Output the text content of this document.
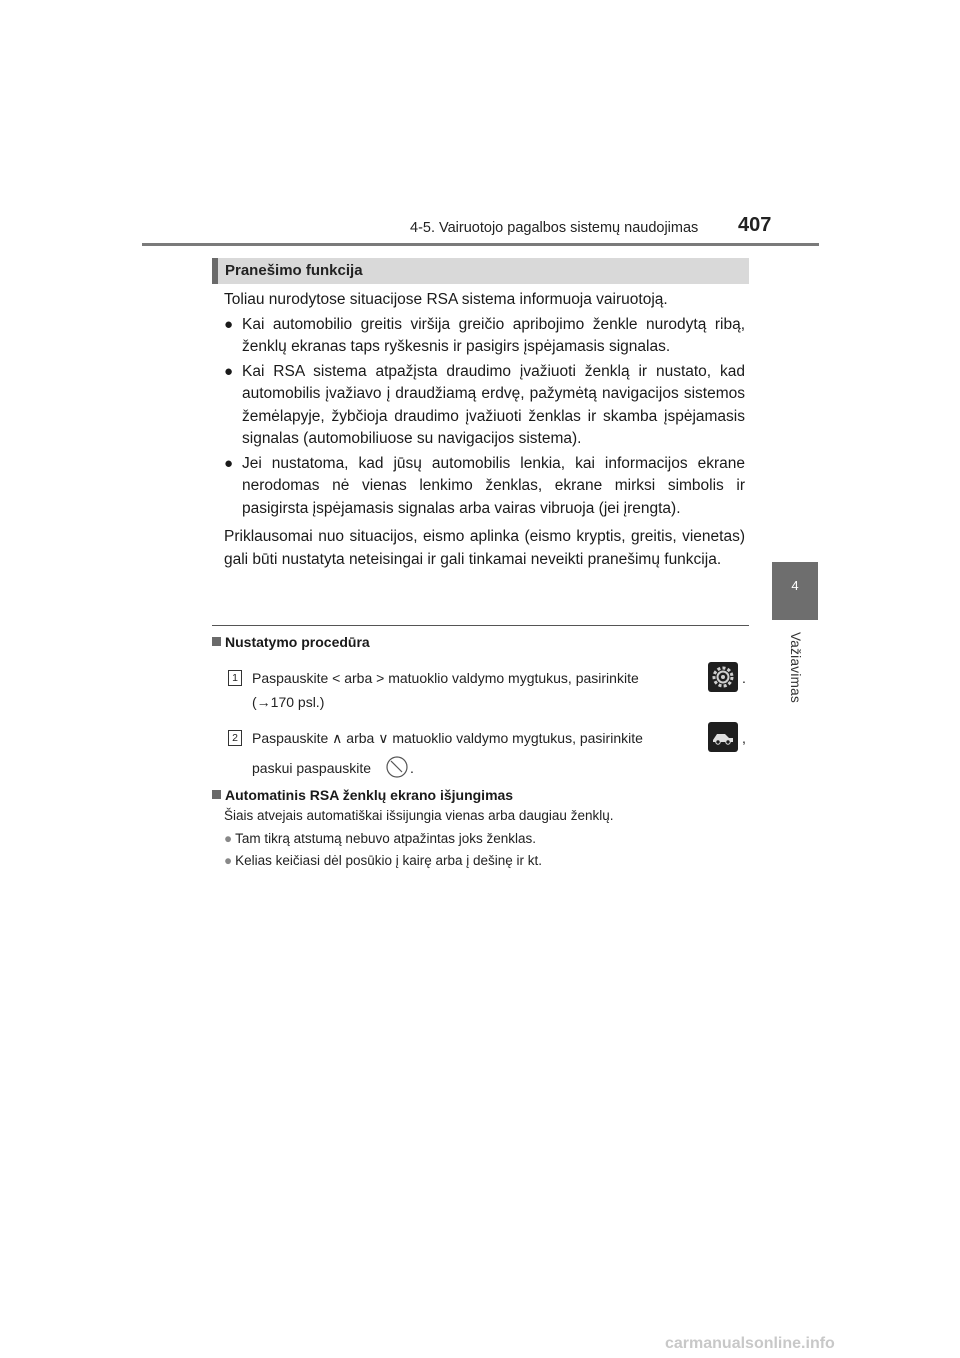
4-5. Vairuotojo pagalbos sistemų naudojimas 407
4
Važiavimas
Pranešimo funkcija

Toliau nurodytose situacijose RSA sistema informuoja vairuotoją.

● Kai automobilio greitis viršija greičio apribojimo ženkle nurodytą ribą, ženklų ekranas taps ryškesnis ir pasigirs įspėjamasis signalas.
● Kai RSA sistema atpažįsta draudimo įvažiuoti ženklą ir nustato, kad automobilis įvažiavo į draudžiamą erdvę, pažymėtą navigacijos sistemos žemėlapyje, žybčioja draudimo įvažiuoti ženklas ir skamba įspėjamasis signalas (automobiliuose su navigacijos sistema).
● Jei nustatoma, kad jūsų automobilis lenkia, kai informacijos ekrane nerodomas nė vienas lenkimo ženklas, ekrane mirksi simbolis ir pasigirsta įspėjamasis signalas arba vairas vibruoja (jei įrengta).

Priklausomai nuo situacijos, eismo aplinka (eismo kryptis, greitis, vienetas) gali būti nustatyta neteisingai ir gali tinkamai neveikti pranešimų funkcija.

Nustatymo procedūra
1 Paspauskite < arba > matuoklio valdymo mygtukus, pasirinkite
(→170 psl.)
.
2 Paspauskite ∧ arba ∨ matuoklio valdymo mygtukus, pasirinkite
paskui paspauskite
,
.
Automatinis RSA ženklų ekrano išjungimas
Šiais atvejais automatiškai išsijungia vienas arba daugiau ženklų.
● Tam tikrą atstumą nebuvo atpažintas joks ženklas.
● Kelias keičiasi dėl posūkio į kairę arba į dešinę ir kt.
carmanualsonline.info
